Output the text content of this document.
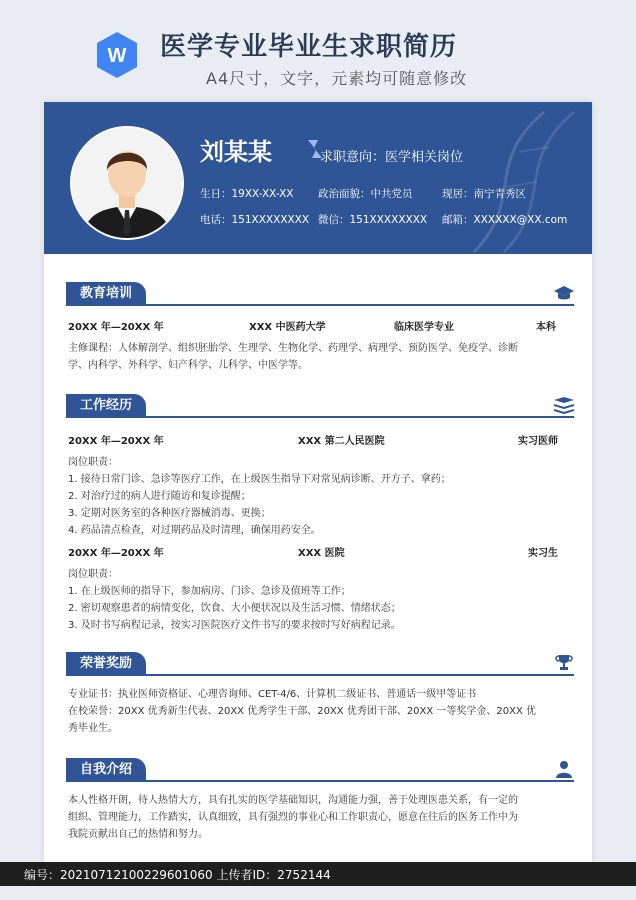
W 医学专业毕业生求职简历
A4尺寸，文字，元素均可随意修改
刘某某	求职意向：医学相关岗位
生日：19XX-XX-XX 政治面貌：中共党员	现居：南宁青秀区
电话：151XXXXXXXX 微信：151XXXXXXXX 邮箱：XXXXXX@XX.com
教育培训
20XX 年—20XX 年	XXX 中医药大学	临床医学专业	本科

主修课程：人体解剖学、组织胚胎学、生理学、生物化学、药理学、病理学、预防医学、免疫学、诊断

学、内科学、外科学、妇产科学、儿科学、中医学等。

工作经历
20XX 年—20XX 年	XXX 第二人民医院	实习医师

岗位职责：

1. 接待日常门诊、急诊等医疗工作，在上级医生指导下对常见病诊断、开方子、拿药；

2. 对治疗过的病人进行随访和复诊提醒；

3. 定期对医务室的各种医疗器械消毒、更换；

4. 药品清点检查，对过期药品及时清理，确保用药安全。

20XX 年—20XX 年	XXX 医院	实习生

岗位职责：

1. 在上级医师的指导下，参加病房、门诊、急诊及值班等工作；

2. 密切观察患者的病情变化，饮食、大小便状况以及生活习惯、情绪状态；

3. 及时书写病程记录，按实习医院医疗文件书写的要求按时写好病程记录。

荣誉奖励

专业证书：执业医师资格证、心理咨询师、CET-4/6、计算机二级证书、普通话一级甲等证书

在校荣誉：20XX 优秀新生代表、20XX 优秀学生干部、20XX 优秀团干部、20XX 一等奖学金、20XX 优

秀毕业生。

自我介绍

本人性格开朗，待人热情大方，具有扎实的医学基础知识，沟通能力强，善于处理医患关系，有一定的

组织、管理能力，工作踏实，认真细致，具有强烈的事业心和工作职责心，愿意在往后的医务工作中为

我院贡献出自己的热情和努力。

编号：20210712100229601060 上传者ID：2752144
